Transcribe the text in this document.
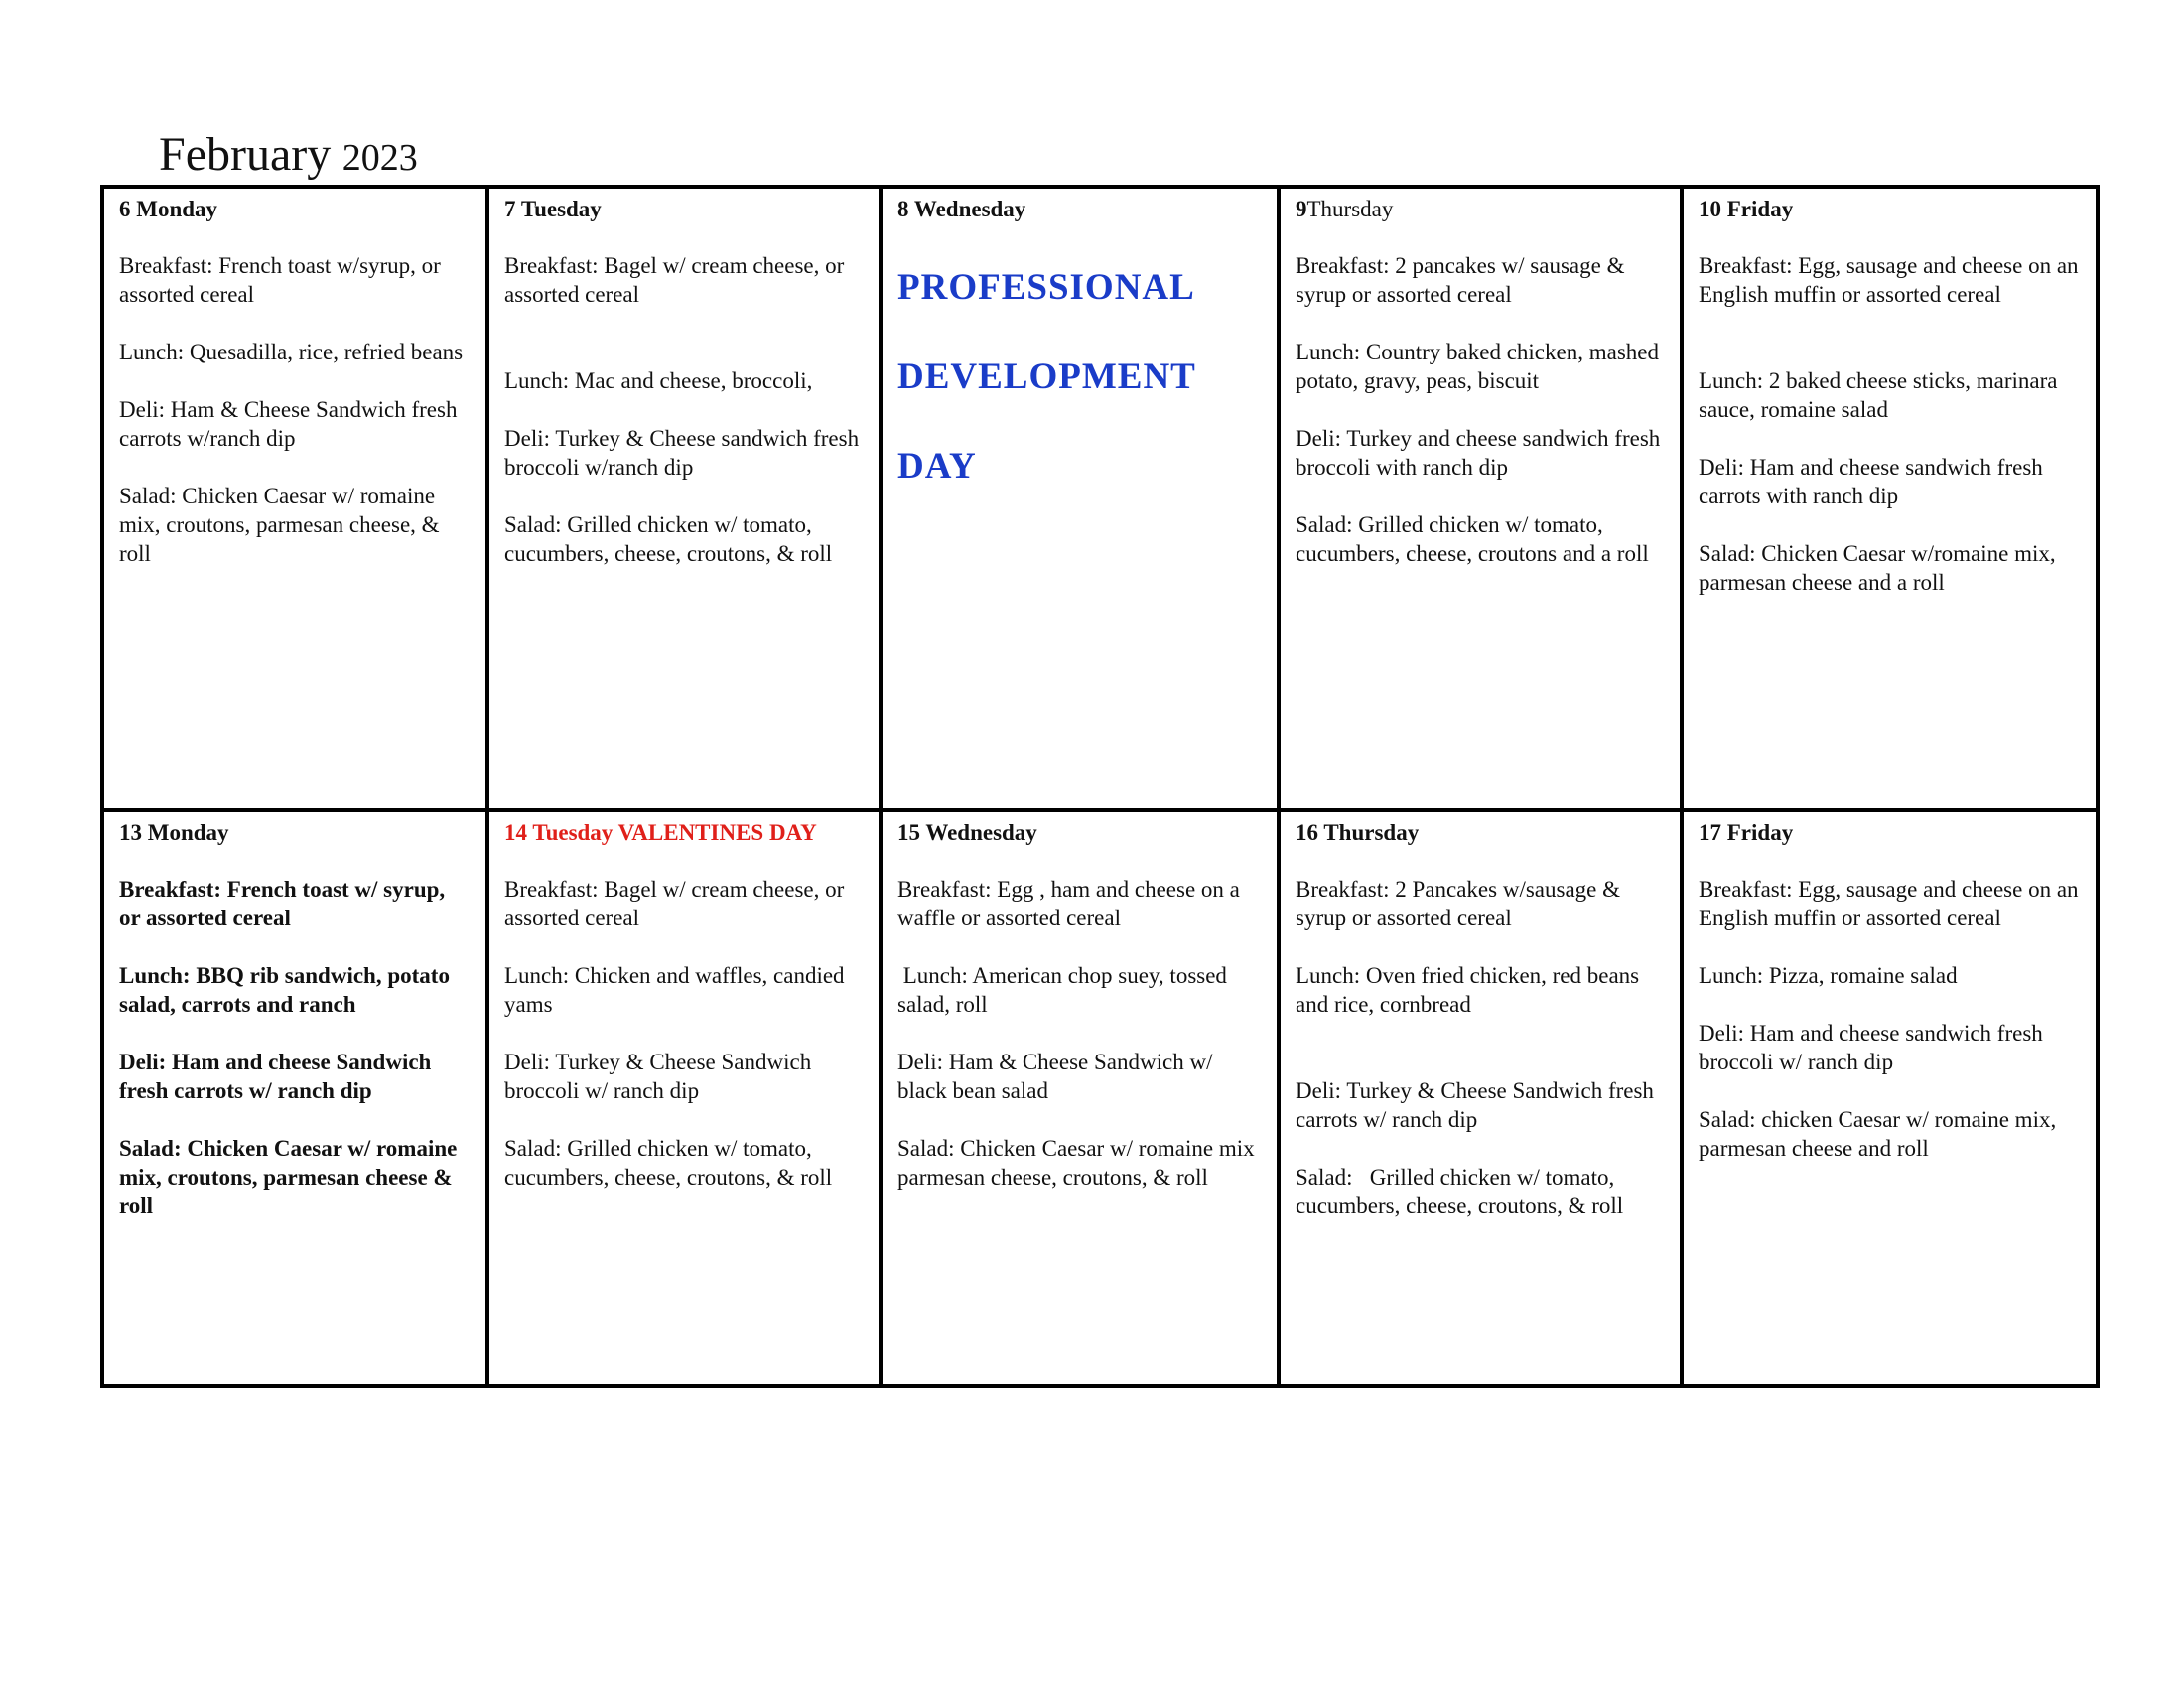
February 2023
6 Monday
Breakfast: French toast w/syrup, or assorted cereal
Lunch: Quesadilla, rice, refried beans
Deli: Ham & Cheese Sandwich fresh carrots w/ranch dip
Salad: Chicken Caesar w/ romaine mix, croutons, parmesan cheese, & roll
7 Tuesday
Breakfast: Bagel w/ cream cheese, or assorted cereal
Lunch: Mac and cheese, broccoli,
Deli: Turkey & Cheese sandwich fresh broccoli w/ranch dip
Salad: Grilled chicken w/ tomato, cucumbers, cheese, croutons, & roll
8 Wednesday
PROFESSIONAL
DEVELOPMENT
DAY
9Thursday
Breakfast: 2 pancakes w/ sausage & syrup or assorted cereal
Lunch: Country baked chicken, mashed potato, gravy, peas, biscuit
Deli: Turkey and cheese sandwich fresh broccoli with ranch dip
Salad: Grilled chicken w/ tomato, cucumbers, cheese, croutons and a roll
10 Friday
Breakfast: Egg, sausage and cheese on an English muffin or assorted cereal
Lunch: 2 baked cheese sticks, marinara sauce, romaine salad
Deli: Ham and cheese sandwich fresh carrots with ranch dip
Salad: Chicken Caesar w/romaine mix, parmesan cheese and a roll
13 Monday
Breakfast: French toast w/ syrup, or assorted cereal
Lunch: BBQ rib sandwich, potato salad, carrots and ranch
Deli: Ham and cheese Sandwich fresh carrots w/ ranch dip
Salad: Chicken Caesar w/ romaine mix, croutons, parmesan cheese & roll
14 Tuesday VALENTINES DAY
Breakfast: Bagel w/ cream cheese, or assorted cereal
Lunch: Chicken and waffles, candied yams
Deli: Turkey & Cheese Sandwich broccoli w/ ranch dip
Salad: Grilled chicken w/ tomato, cucumbers, cheese, croutons, & roll
15 Wednesday
Breakfast: Egg , ham and cheese on a waffle or assorted cereal
Lunch: American chop suey, tossed salad, roll
Deli: Ham & Cheese Sandwich w/ black bean salad
Salad: Chicken Caesar w/ romaine mix parmesan cheese, croutons, & roll
16 Thursday
Breakfast: 2 Pancakes w/sausage & syrup or assorted cereal
Lunch: Oven fried chicken, red beans and rice, cornbread
Deli: Turkey & Cheese Sandwich fresh carrots w/ ranch dip
Salad:   Grilled chicken w/ tomato, cucumbers, cheese, croutons, & roll
17 Friday
Breakfast: Egg, sausage and cheese on an English muffin or assorted cereal
Lunch: Pizza, romaine salad
Deli: Ham and cheese sandwich fresh broccoli w/ ranch dip
Salad: chicken Caesar w/ romaine mix, parmesan cheese and roll
